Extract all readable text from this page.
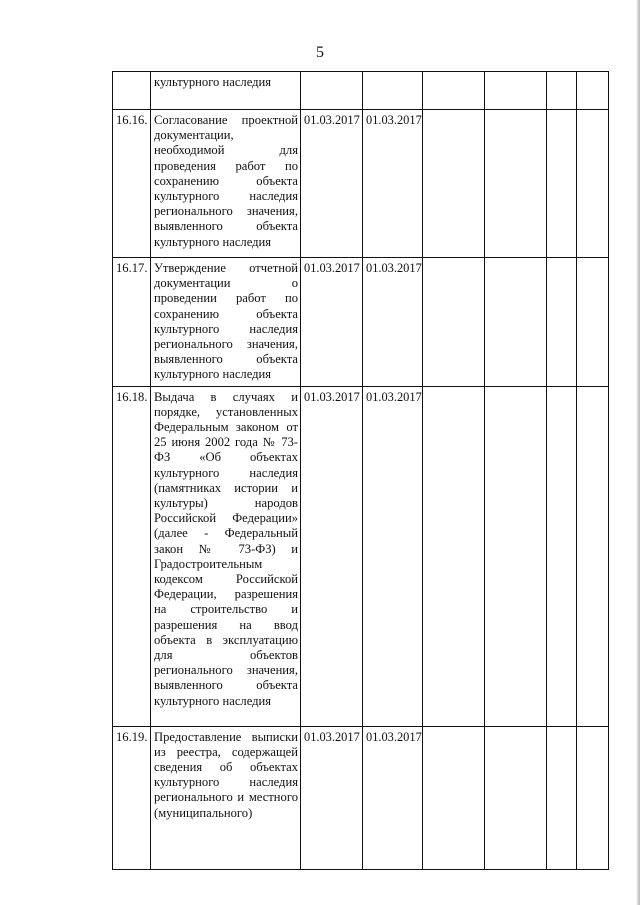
5
	культурного наследия						
16.16.	Согласование проектной документации, необходимой для проведения работ по сохранению объекта культурного наследия регионального значения, выявленного объекта культурного наследия	01.03.2017	01.03.2017				
16.17.	Утверждение отчетной документации о проведении работ по сохранению объекта культурного наследия регионального значения, выявленного объекта культурного наследия	01.03.2017	01.03.2017				
16.18.	Выдача в случаях и порядке, установленных Федеральным законом от 25 июня 2002 года № 73-ФЗ «Об объектах культурного наследия (памятниках истории и культуры) народов Российской Федерации» (далее - Федеральный закон № 73-ФЗ) и Градостроительным кодексом Российской Федерации, разрешения на строительство и разрешения на ввод объекта в эксплуатацию для объектов регионального значения, выявленного объекта культурного наследия	01.03.2017	01.03.2017				
16.19.	Предоставление выписки из реестра, содержащей сведения об объектах культурного наследия регионального и местного (муниципального)	01.03.2017	01.03.2017				
